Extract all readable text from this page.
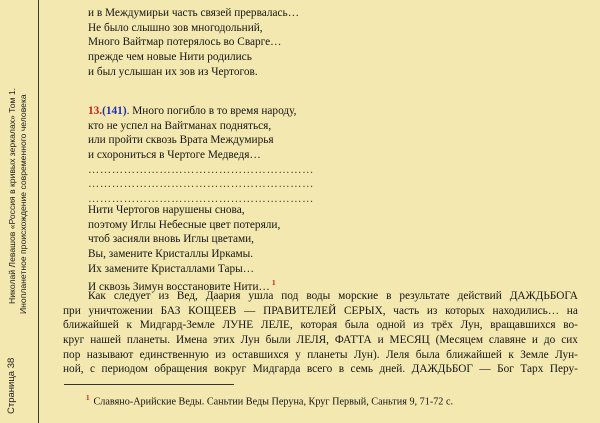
Страница 38
Николай Левашов «Россия в кривых зеркалах» Том 1. Инопланетное происхождение современного человека
и в Междумирьи часть связей прервалась…
Не было слышно зов многодольний,
Много Вайтмар потерялось во Сварге…
прежде чем новые Нити родились
и был услышан их зов из Чертогов.
13.(141). Много погибло в то время народу,
кто не успел на Вайтманах подняться,
или пройти сквозь Врата Междумирья
и схорониться в Чертоге Медведя…
…………………………………………………
…………………………………………………
…………………………………………………
Нити Чертогов нарушены снова,
поэтому Иглы Небесные цвет потеряли,
чтоб засияли вновь Иглы цветами,
Вы, замените Кристаллы Иркамы.
Их замените Кристаллами Тары…
И сквозь Зимун восстановите Нити… $^1$
Как следует из Вед, Даария ушла под воды морские в результате действий ДАЖДЬБОГА
при уничтожении БАЗ КОЩЕЕВ — ПРАВИТЕЛЕЙ СЕРЫХ, часть из которых находились… на
ближайшей к Мидгард-Земле ЛУНЕ ЛЕЛЕ, которая была одной из трёх Лун, вращавшихся во-
круг нашей планеты. Имена этих Лун были ЛЕЛЯ, ФАТТА и МЕСЯЦ (Месяцем славяне и до сих
пор называют единственную из оставшихся у планеты Лун). Леля была ближайшей к Земле Лун-
ной, с периодом обращения вокруг Мидгарда всего в семь дней. ДАЖДЬБОГ — Бог Тарх Перу-
$^1$ Славяно-Арийские Веды. Саньтии Веды Перуна, Круг Первый, Саньтия 9, 71-72 с.
